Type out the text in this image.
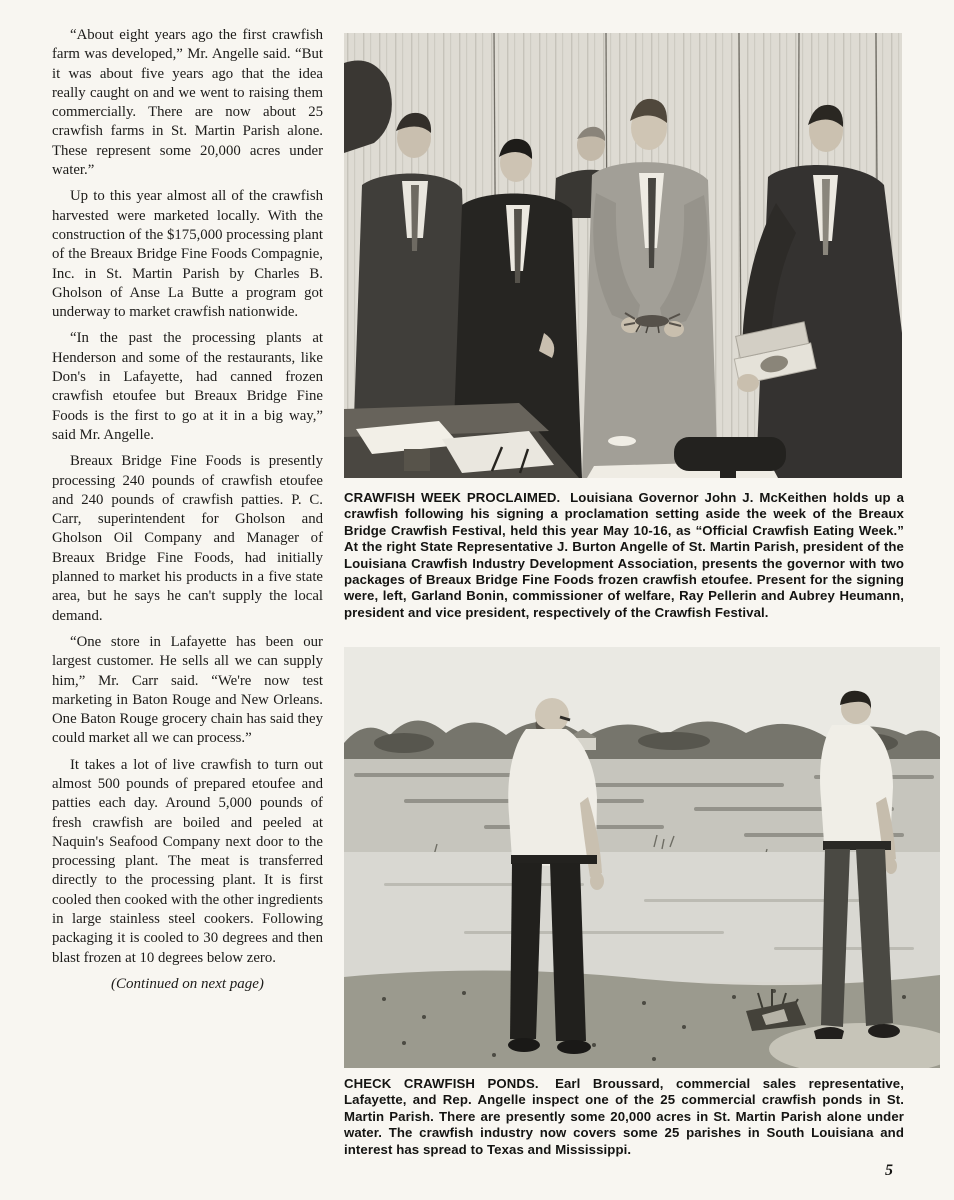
“About eight years ago the first crawfish farm was developed,” Mr. Angelle said. “But it was about five years ago that the idea really caught on and we went to raising them commercially. There are now about 25 crawfish farms in St. Martin Parish alone. These represent some 20,000 acres under water.”

Up to this year almost all of the crawfish harvested were marketed locally. With the construction of the $175,000 processing plant of the Breaux Bridge Fine Foods Compagnie, Inc. in St. Martin Parish by Charles B. Gholson of Anse La Butte a program got underway to market crawfish nationwide.

“In the past the processing plants at Henderson and some of the restaurants, like Don's in Lafayette, had canned frozen crawfish etoufee but Breaux Bridge Fine Foods is the first to go at it in a big way,” said Mr. Angelle.

Breaux Bridge Fine Foods is presently processing 240 pounds of crawfish etoufee and 240 pounds of crawfish patties. P. C. Carr, superintendent for Gholson and Gholson Oil Company and Manager of Breaux Bridge Fine Foods, had initially planned to market his products in a five state area, but he says he can't supply the local demand.

“One store in Lafayette has been our largest customer. He sells all we can supply him,” Mr. Carr said. “We're now test marketing in Baton Rouge and New Orleans. One Baton Rouge grocery chain has said they could market all we can process.”

It takes a lot of live crawfish to turn out almost 500 pounds of prepared etoufee and patties each day. Around 5,000 pounds of fresh crawfish are boiled and peeled at Naquin's Seafood Company next door to the processing plant. The meat is transferred directly to the processing plant. It is first cooled then cooked with the other ingredients in large stainless steel cookers. Following packaging it is cooled to 30 degrees and then blast frozen at 10 degrees below zero.

(Continued on next page)

CRAWFISH WEEK PROCLAIMED. Louisiana Governor John J. McKeithen holds up a crawfish following his signing a proclamation setting aside the week of the Breaux Bridge Crawfish Festival, held this year May 10-16, as “Official Crawfish Eating Week.” At the right State Representative J. Burton Angelle of St. Martin Parish, president of the Louisiana Crawfish Industry Development Association, presents the governor with two packages of Breaux Bridge Fine Foods frozen crawfish etoufee. Present for the signing were, left, Garland Bonin, commissioner of welfare, Ray Pellerin and Aubrey Heumann, president and vice president, respectively of the Crawfish Festival.

CHECK CRAWFISH PONDS. Earl Broussard, commercial sales representative, Lafayette, and Rep. Angelle inspect one of the 25 commercial crawfish ponds in St. Martin Parish. There are presently some 20,000 acres in St. Martin Parish alone under water. The crawfish industry now covers some 25 parishes in South Louisiana and interest has spread to Texas and Mississippi.

5
